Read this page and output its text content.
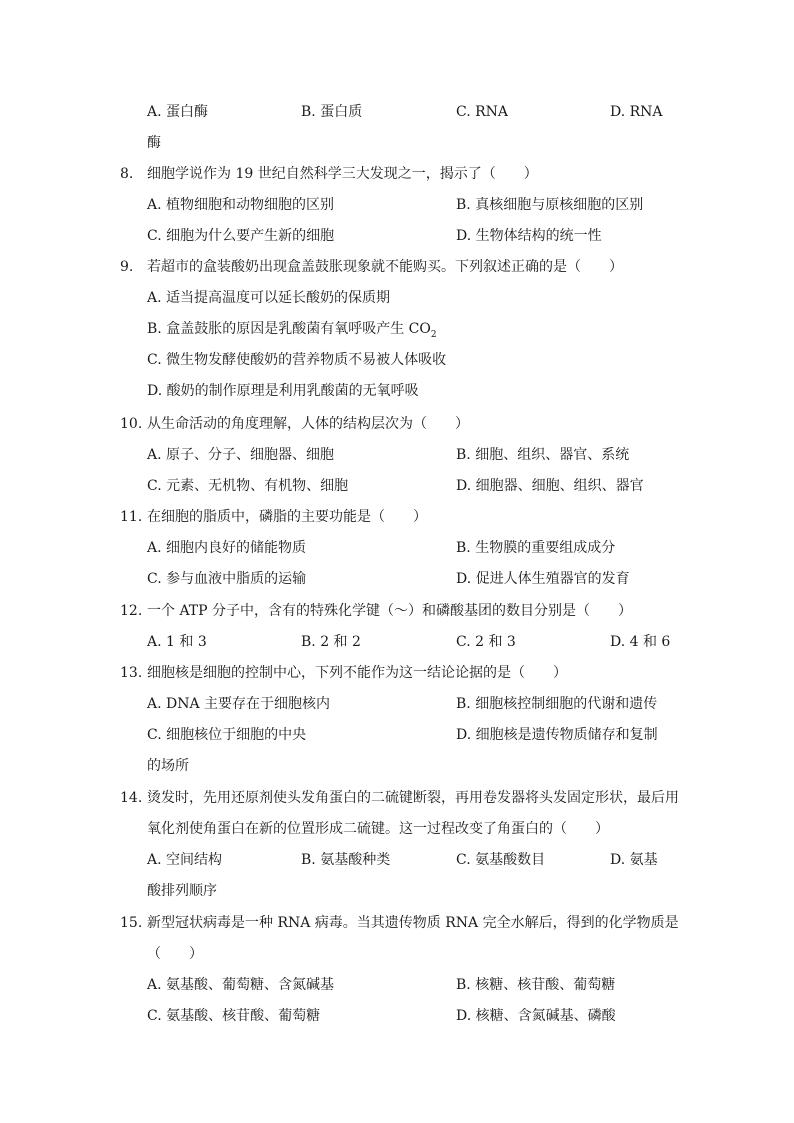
A. 蛋白酶	B. 蛋白质	C. RNA	D. RNA
酶
8. 细胞学说作为 19 世纪自然科学三大发现之一，揭示了（　　）
A. 植物细胞和动物细胞的区别	B. 真核细胞与原核细胞的区别
C. 细胞为什么要产生新的细胞	D. 生物体结构的统一性
9. 若超市的盒装酸奶出现盒盖鼓胀现象就不能购买。下列叙述正确的是（　　）
A. 适当提高温度可以延长酸奶的保质期
B. 盒盖鼓胀的原因是乳酸菌有氧呼吸产生 $CO_2$
C. 微生物发酵使酸奶的营养物质不易被人体吸收
D. 酸奶的制作原理是利用乳酸菌的无氧呼吸
10. 从生命活动的角度理解，人体的结构层次为（　　）
A. 原子、分子、细胞器、细胞	B. 细胞、组织、器官、系统
C. 元素、无机物、有机物、细胞	D. 细胞器、细胞、组织、器官
11. 在细胞的脂质中，磷脂的主要功能是（　　）
A. 细胞内良好的储能物质	B. 生物膜的重要组成成分
C. 参与血液中脂质的运输	D. 促进人体生殖器官的发育
12. 一个 ATP 分子中，含有的特殊化学键（～）和磷酸基团的数目分别是（　　）
A. 1 和 3	B. 2 和 2	C. 2 和 3	D. 4 和 6
13. 细胞核是细胞的控制中心，下列不能作为这一结论论据的是（　　）
A. DNA 主要存在于细胞核内	B. 细胞核控制细胞的代谢和遗传
C. 细胞核位于细胞的中央	D. 细胞核是遗传物质储存和复制
的场所
14. 烫发时，先用还原剂使头发角蛋白的二硫键断裂，再用卷发器将头发固定形状，最后用
氧化剂使角蛋白在新的位置形成二硫键。这一过程改变了角蛋白的（　　）
A. 空间结构	B. 氨基酸种类	C. 氨基酸数目	D. 氨基
酸排列顺序
15. 新型冠状病毒是一种 RNA 病毒。当其遗传物质 RNA 完全水解后，得到的化学物质是
（　　）
A. 氨基酸、葡萄糖、含氮碱基	B. 核糖、核苷酸、葡萄糖
C. 氨基酸、核苷酸、葡萄糖	D. 核糖、含氮碱基、磷酸
